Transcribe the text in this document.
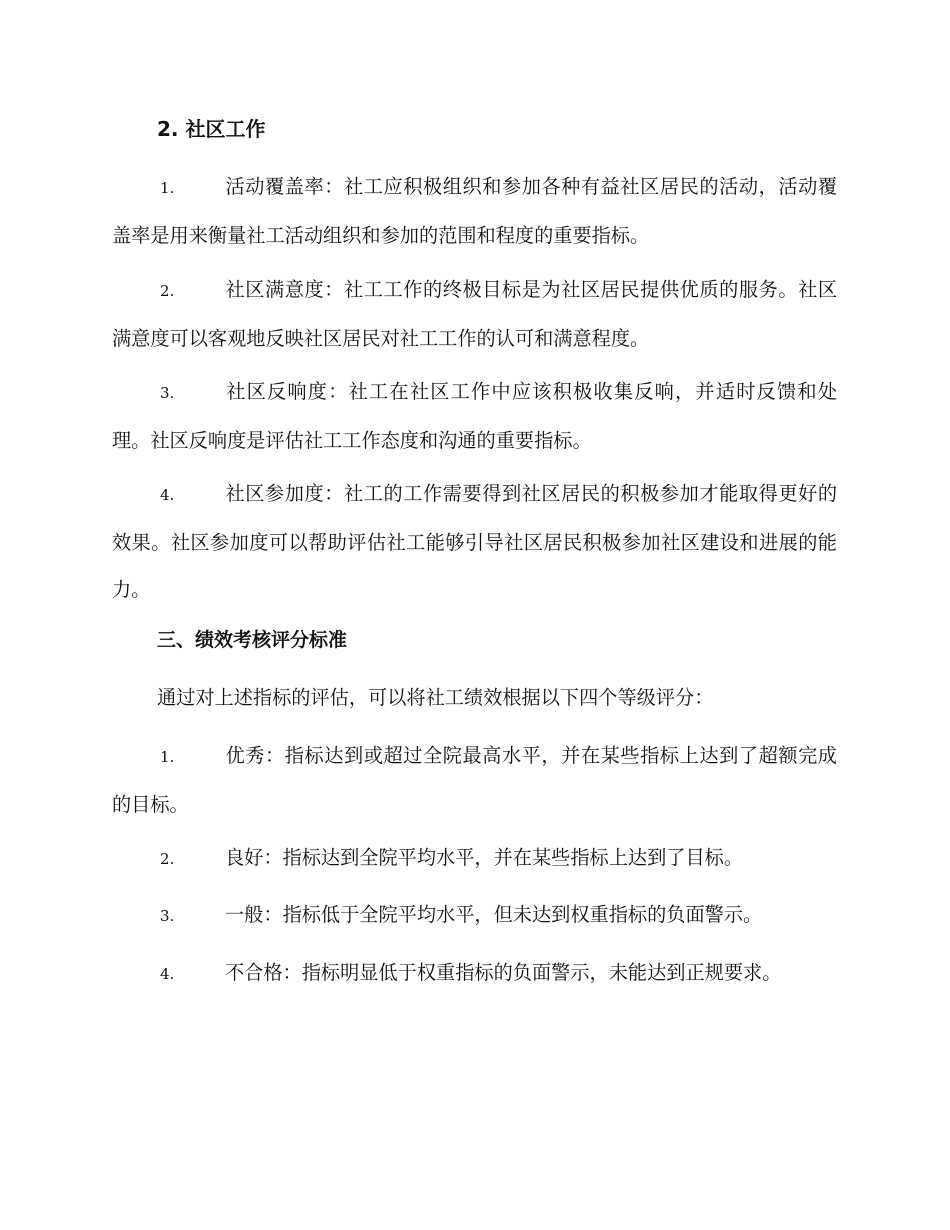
2. 社区工作
1.	活动覆盖率：社工应积极组织和参加各种有益社区居民的活动，活动覆盖率是用来衡量社工活动组织和参加的范围和程度的重要指标。
2.	社区满意度：社工工作的终极目标是为社区居民提供优质的服务。社区满意度可以客观地反映社区居民对社工工作的认可和满意程度。
3.	社区反响度：社工在社区工作中应该积极收集反响，并适时反馈和处理。社区反响度是评估社工工作态度和沟通的重要指标。
4.	社区参加度：社工的工作需要得到社区居民的积极参加才能取得更好的效果。社区参加度可以帮助评估社工能够引导社区居民积极参加社区建设和进展的能力。
三、绩效考核评分标准
通过对上述指标的评估，可以将社工绩效根据以下四个等级评分：
1.	优秀：指标达到或超过全院最高水平，并在某些指标上达到了超额完成的目标。
2.	良好：指标达到全院平均水平，并在某些指标上达到了目标。
3.	一般：指标低于全院平均水平，但未达到权重指标的负面警示。
4.	不合格：指标明显低于权重指标的负面警示，未能达到正规要求。
